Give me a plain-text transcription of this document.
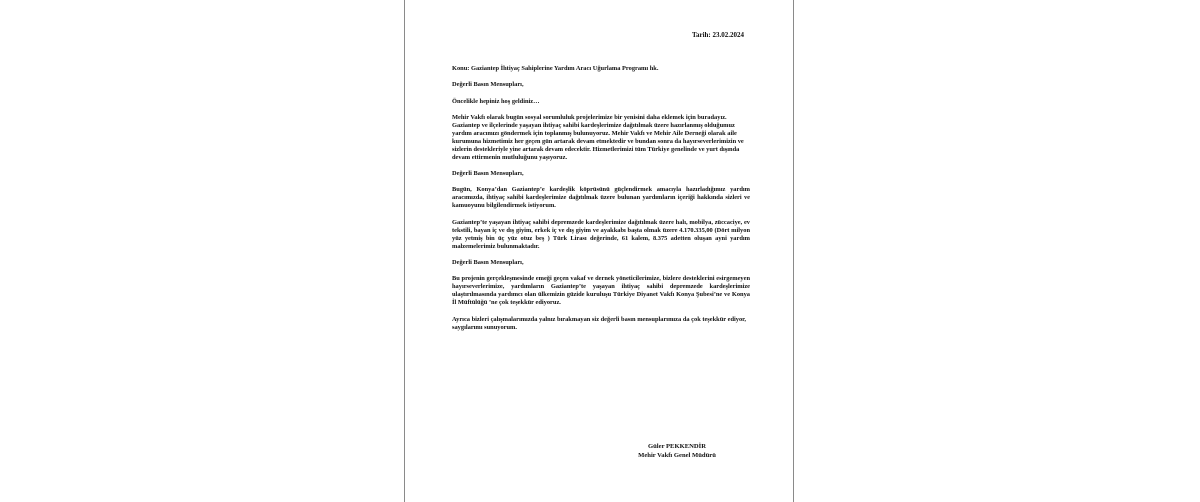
Tarih: 23.02.2024

Konu: Gaziantep İhtiyaç Sahiplerine Yardım Aracı Uğurlama Programı hk.

Değerli Basın Mensupları,

Öncelikle hepiniz hoş geldiniz…

Mehir Vakfı olarak bugün sosyal sorumluluk projelerimize bir yenisini daha eklemek için buradayız. Gaziantep ve ilçelerinde yaşayan ihtiyaç sahibi kardeşlerimize dağıtılmak üzere hazırlanmış olduğumuz yardım aracımızı göndermek için toplanmış bulunuyoruz. Mehir Vakfı ve Mehir Aile Derneği olarak aile kurumuna hizmetimiz her geçen gün artarak devam etmektedir ve bundan sonra da hayırseverlerimizin ve sizlerin destekleriyle yine artarak devam edecektir. Hizmetlerimizi tüm Türkiye genelinde ve yurt dışında devam ettirmenin mutluluğunu yaşıyoruz.

Değerli Basın Mensupları,

Bugün, Konya’dan Gaziantep’e kardeşlik köprüsünü güçlendirmek amacıyla hazırladığımız yardım aracımızda, ihtiyaç sahibi kardeşlerimize dağıtılmak üzere bulunan yardımların içeriği hakkında sizleri ve kamuoyunu bilgilendirmek istiyorum.

Gaziantep’te yaşayan ihtiyaç sahibi depremzede kardeşlerimize dağıtılmak üzere halı, mobilya, züccaciye, ev tekstili, bayan iç ve dış giyim, erkek iç ve dış giyim ve ayakkabı başta olmak üzere 4.170.335,00 (Dört milyon yüz yetmiş bin üç yüz otuz beş ) Türk Lirası değerinde, 61 kalem, 8.375 adetten oluşan ayni yardım malzemelerimiz bulunmaktadır.

Değerli Basın Mensupları,

Bu projenin gerçekleşmesinde emeği geçen vakaf ve dernek yöneticilerimize, bizlere desteklerini esirgemeyen hayırseverlerimize, yardımların Gaziantep’te yaşayan ihtiyaç sahibi depremzede kardeşlerimize ulaştırılmasında yardımcı olan ülkemizin güzide kuruluşu Türkiye Diyanet Vakfı Konya Şubesi’ne ve Konya İl Müftülüğü ’ne çok teşekkür ediyoruz.

Ayrıca bizleri çalışmalarımızda yalnız bırakmayan siz değerli basın mensuplarımıza da çok teşekkür ediyor, saygılarımı sunuyorum.

Güler PEKKENDİR
Mehir Vakfı Genel Müdürü
